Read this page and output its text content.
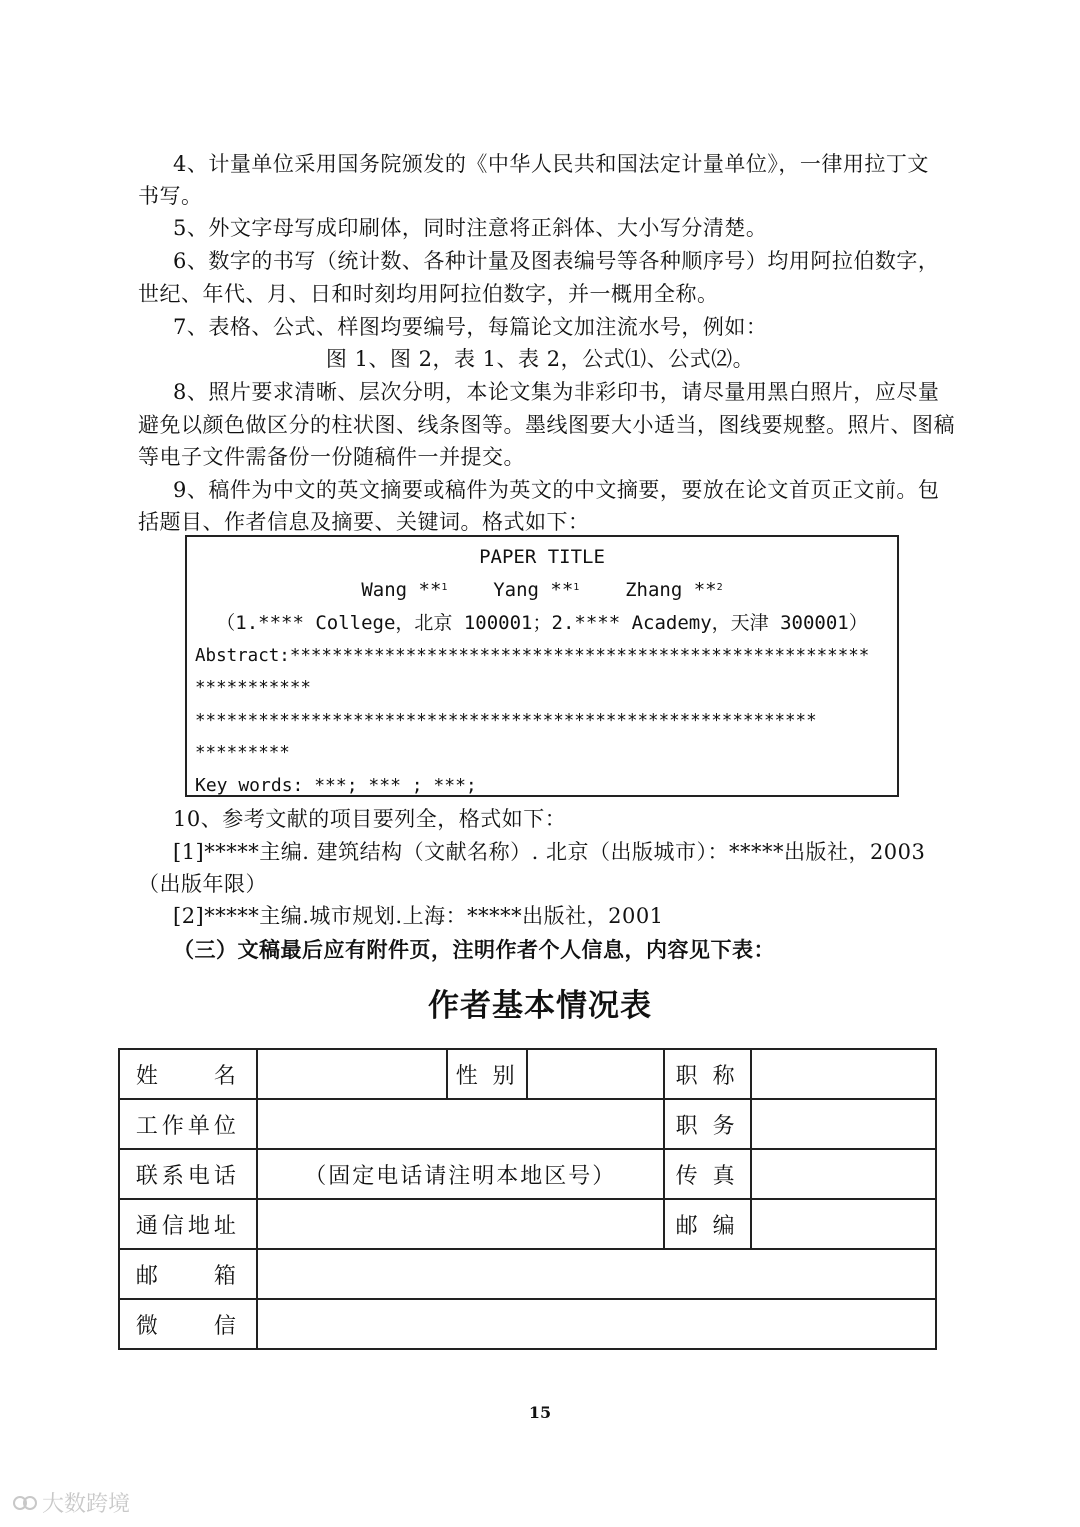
4、计量单位采用国务院颁发的《中华人民共和国法定计量单位》，一律用拉丁文
书写。
5、外文字母写成印刷体，同时注意将正斜体、大小写分清楚。
6、数字的书写（统计数、各种计量及图表编号等各种顺序号）均用阿拉伯数字，
世纪、年代、月、日和时刻均用阿拉伯数字，并一概用全称。
7、表格、公式、样图均要编号，每篇论文加注流水号，例如：
图 1、图 2，表 1、表 2，公式⑴、公式⑵。
8、照片要求清晰、层次分明，本论文集为非彩印书，请尽量用黑白照片，应尽量
避免以颜色做区分的柱状图、线条图等。墨线图要大小适当，图线要规整。照片、图稿
等电子文件需备份一份随稿件一并提交。
9、稿件为中文的英文摘要或稿件为英文的中文摘要，要放在论文首页正文前。包
括题目、作者信息及摘要、关键词。格式如下：
PAPER TITLE
Wang **$^1$ Yang **$^1$ Zhang **$^2$
（1.**** College，北京 100001；2.**** Academy，天津 300001）
Abstract:*******************************************************
***********
***********************************************************
*********
Key words: ***; *** ; ***;
10、参考文献的项目要列全，格式如下：
[1]*****主编. 建筑结构（文献名称）. 北京（出版城市）：*****出版社，2003
（出版年限）
[2]*****主编.城市规划.上海：*****出版社，2001
（三）文稿最后应有附件页，注明作者个人信息，内容见下表：
作者基本情况表
姓　　名		性 别		职 称	
工作单位				职 务	
联系电话	（固定电话请注明本地区号）			传 真	
通信地址				邮 编	
邮　　箱					
微　　信					
15
大数跨境
